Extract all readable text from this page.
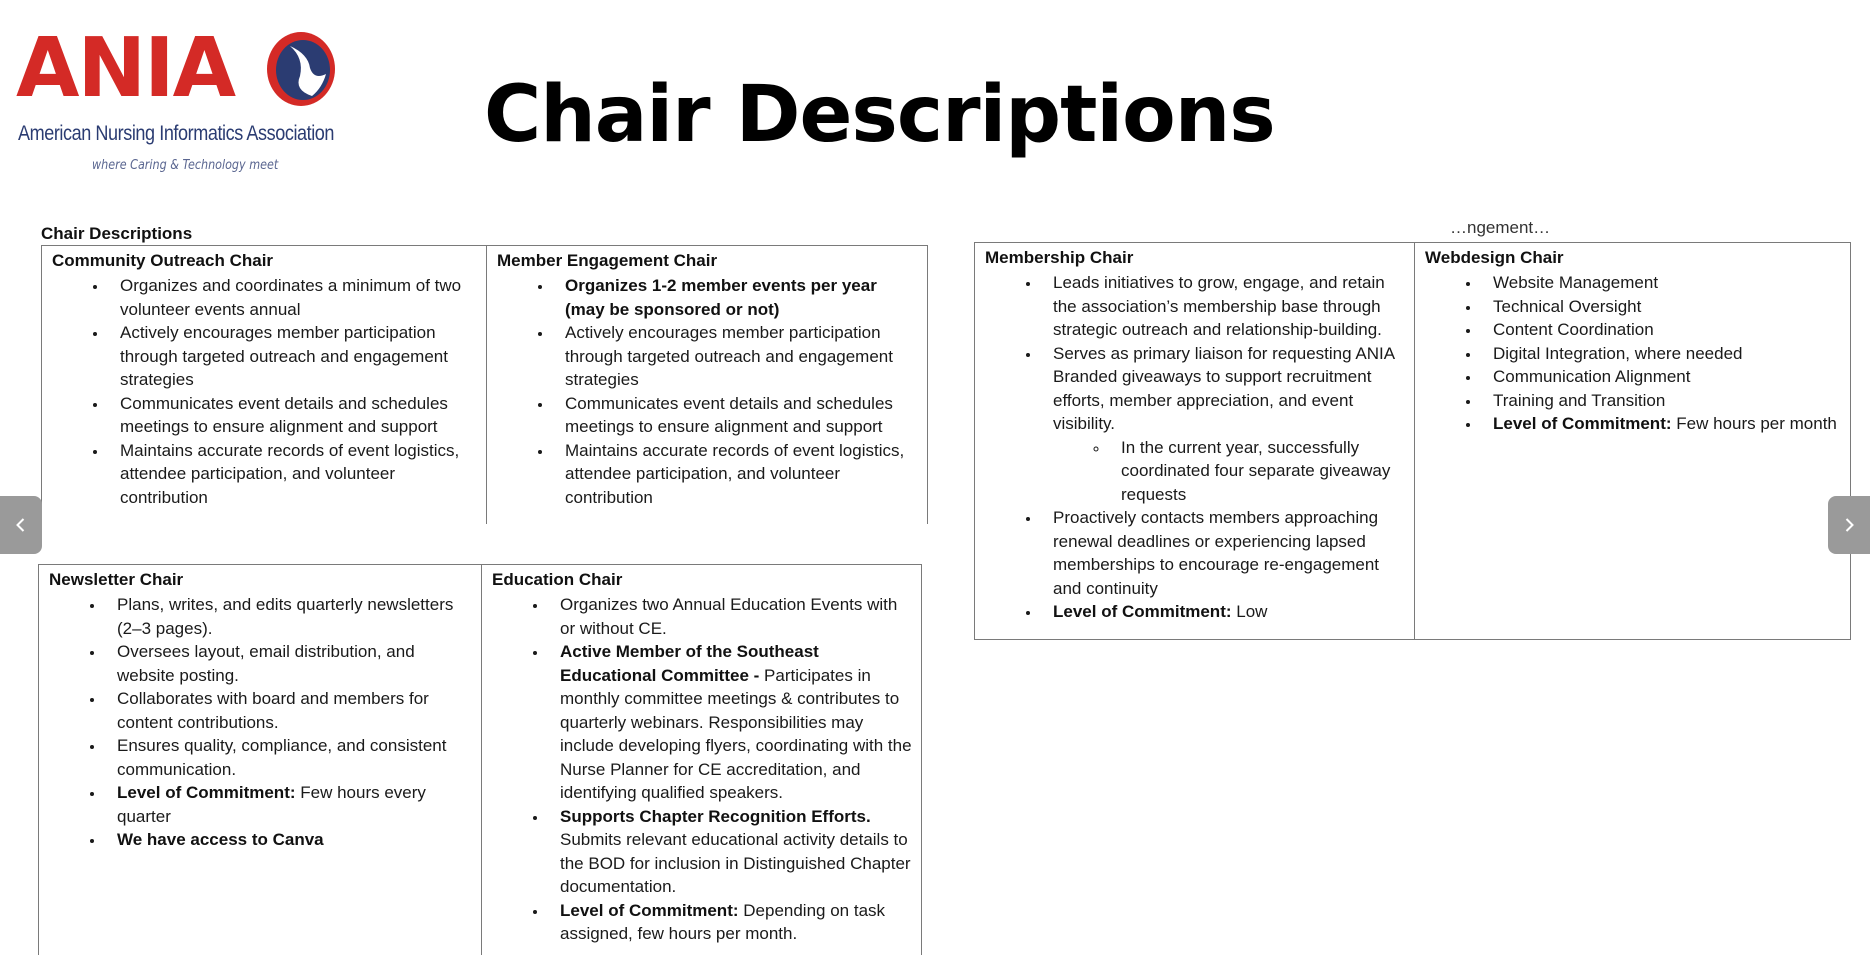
ANIA
American Nursing Informatics Association
where Caring & Technology meet
Chair Descriptions
Chair Descriptions
Community Outreach Chair
• Organizes and coordinates a minimum of two volunteer events annual
• Actively encourages member participation through targeted outreach and engagement strategies
• Communicates event details and schedules meetings to ensure alignment and support
• Maintains accurate records of event logistics, attendee participation, and volunteer contribution
Member Engagement Chair
• Organizes 1-2 member events per year (may be sponsored or not)
• Actively encourages member participation through targeted outreach and engagement strategies
• Communicates event details and schedules meetings to ensure alignment and support
• Maintains accurate records of event logistics, attendee participation, and volunteer contribution
Newsletter Chair
• Plans, writes, and edits quarterly newsletters (2–3 pages).
• Oversees layout, email distribution, and website posting.
• Collaborates with board and members for content contributions.
• Ensures quality, compliance, and consistent communication.
• Level of Commitment: Few hours every quarter
• We have access to Canva
Education Chair
• Organizes two Annual Education Events with or without CE.
• Active Member of the Southeast Educational Committee - Participates in monthly committee meetings & contributes to quarterly webinars. Responsibilities may include developing flyers, coordinating with the Nurse Planner for CE accreditation, and identifying qualified speakers.
• Supports Chapter Recognition Efforts. Submits relevant educational activity details to the BOD for inclusion in Distinguished Chapter documentation.
• Level of Commitment: Depending on task assigned, few hours per month.
…ngement…
Membership Chair
• Leads initiatives to grow, engage, and retain the association’s membership base through strategic outreach and relationship-building.
• Serves as primary liaison for requesting ANIA Branded giveaways to support recruitment efforts, member appreciation, and event visibility.
◦ In the current year, successfully coordinated four separate giveaway requests
• Proactively contacts members approaching renewal deadlines or experiencing lapsed memberships to encourage re-engagement and continuity
• Level of Commitment: Low
Webdesign Chair
• Website Management
• Technical Oversight
• Content Coordination
• Digital Integration, where needed
• Communication Alignment
• Training and Transition
• Level of Commitment: Few hours per month
